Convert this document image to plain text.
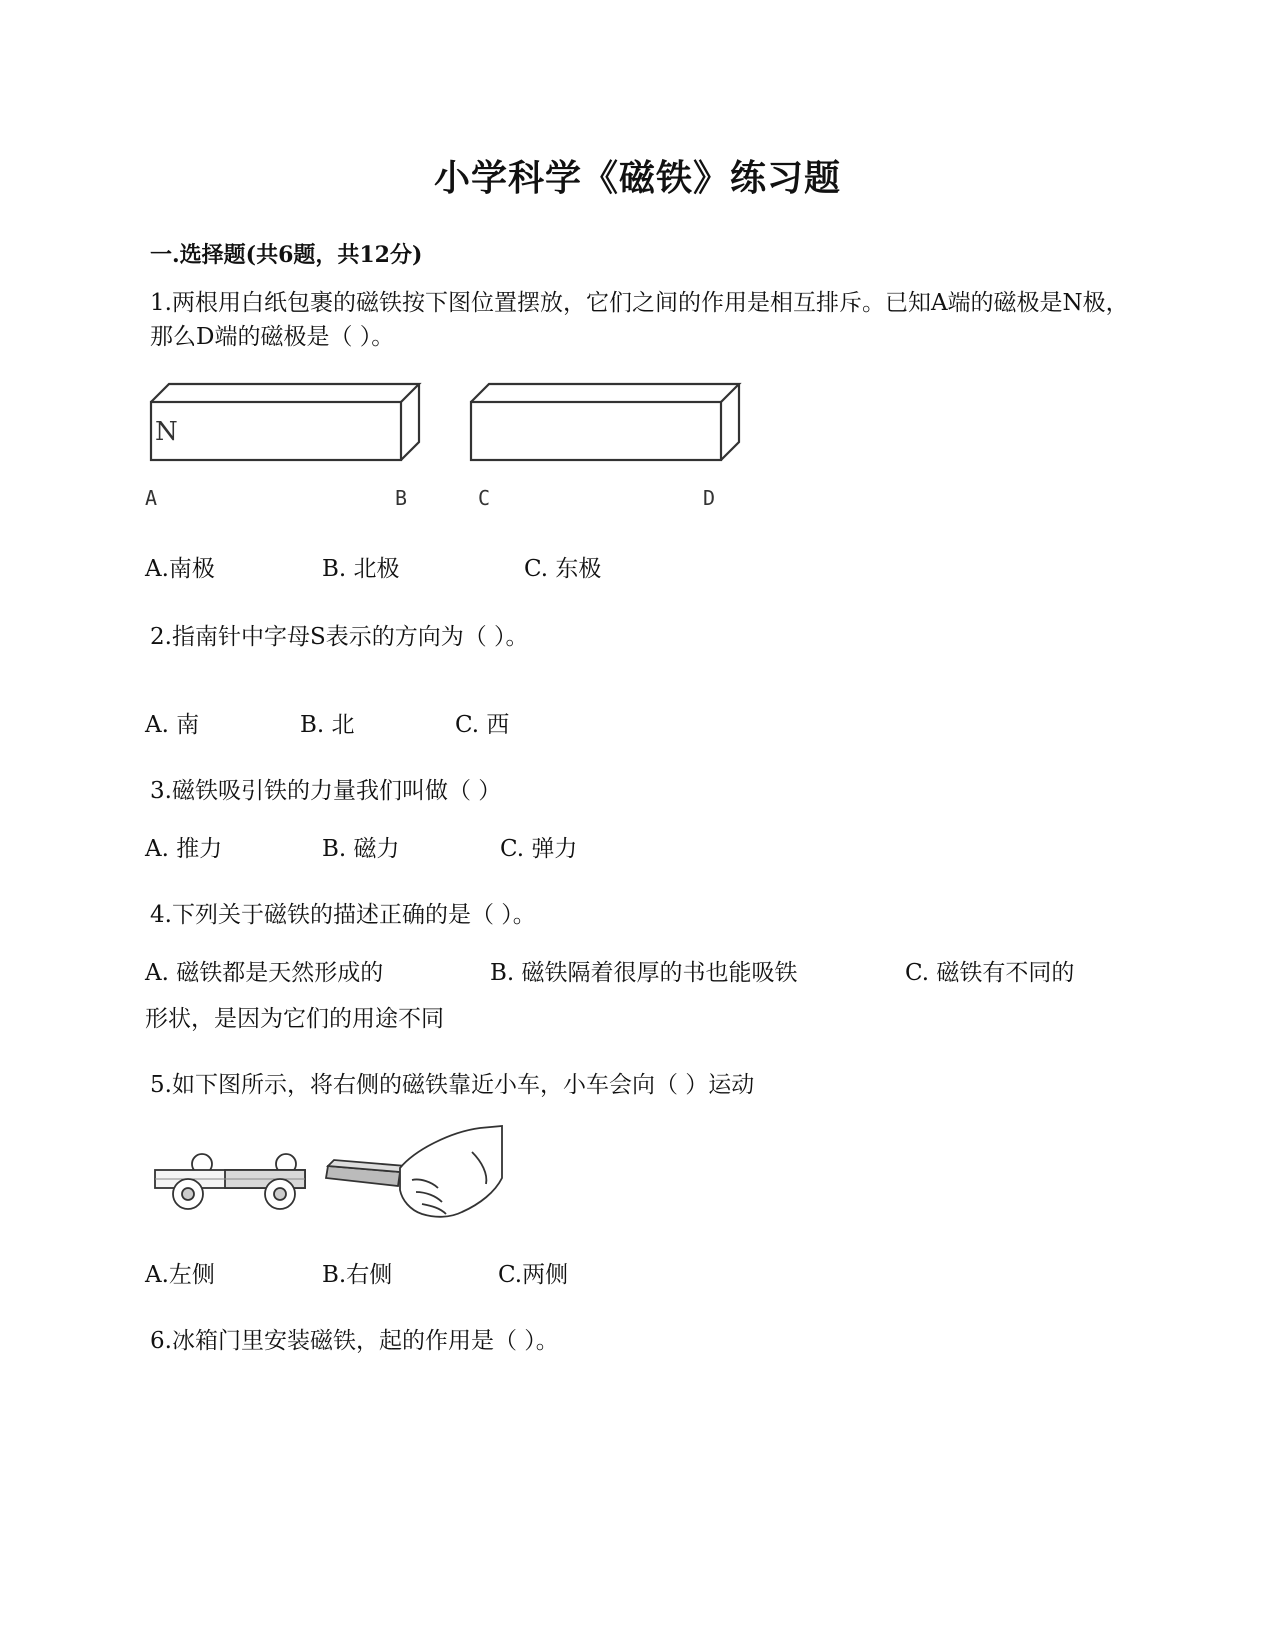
小学科学《磁铁》练习题
一.选择题(共6题，共12分)
1.两根用白纸包裹的磁铁按下图位置摆放，它们之间的作用是相互排斥。已知A端的磁极是N极，那么D端的磁极是（ ）。
N
A	B	C	D
A.南极	B. 北极	C. 东极
2.指南针中字母S表示的方向为（ ）。
A. 南	B. 北	C. 西
3.磁铁吸引铁的力量我们叫做（ ）
A. 推力	B. 磁力	C. 弹力
4.下列关于磁铁的描述正确的是（ ）。
A. 磁铁都是天然形成的	B. 磁铁隔着很厚的书也能吸铁	C. 磁铁有不同的
形状，是因为它们的用途不同
5.如下图所示，将右侧的磁铁靠近小车，小车会向（ ）运动
A.左侧	B.右侧	C.两侧
6.冰箱门里安装磁铁，起的作用是（ ）。
